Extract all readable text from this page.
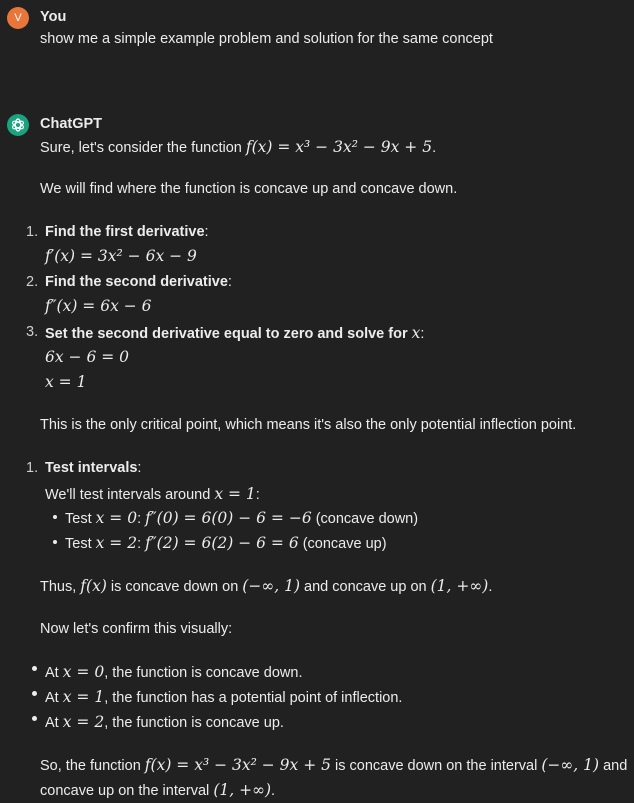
V You
show me a simple example problem and solution for the same concept
ChatGPT
Sure, let's consider the function f(x) = x³ − 3x² − 9x + 5.
We will find where the function is concave up and concave down.
1. Find the first derivative:
f′(x) = 3x² − 6x − 9
2. Find the second derivative:
f″(x) = 6x − 6
3. Set the second derivative equal to zero and solve for x:
6x − 6 = 0
x = 1
This is the only critical point, which means it's also the only potential inflection point.
1. Test intervals:
We'll test intervals around x = 1:
Test x = 0: f″(0) = 6(0) − 6 = −6 (concave down)
Test x = 2: f″(2) = 6(2) − 6 = 6 (concave up)
Thus, f(x) is concave down on (−∞, 1) and concave up on (1, +∞).
Now let's confirm this visually:
At x = 0, the function is concave down.
At x = 1, the function has a potential point of inflection.
At x = 2, the function is concave up.
So, the function f(x) = x³ − 3x² − 9x + 5 is concave down on the interval (−∞, 1) and
concave up on the interval (1, +∞).
